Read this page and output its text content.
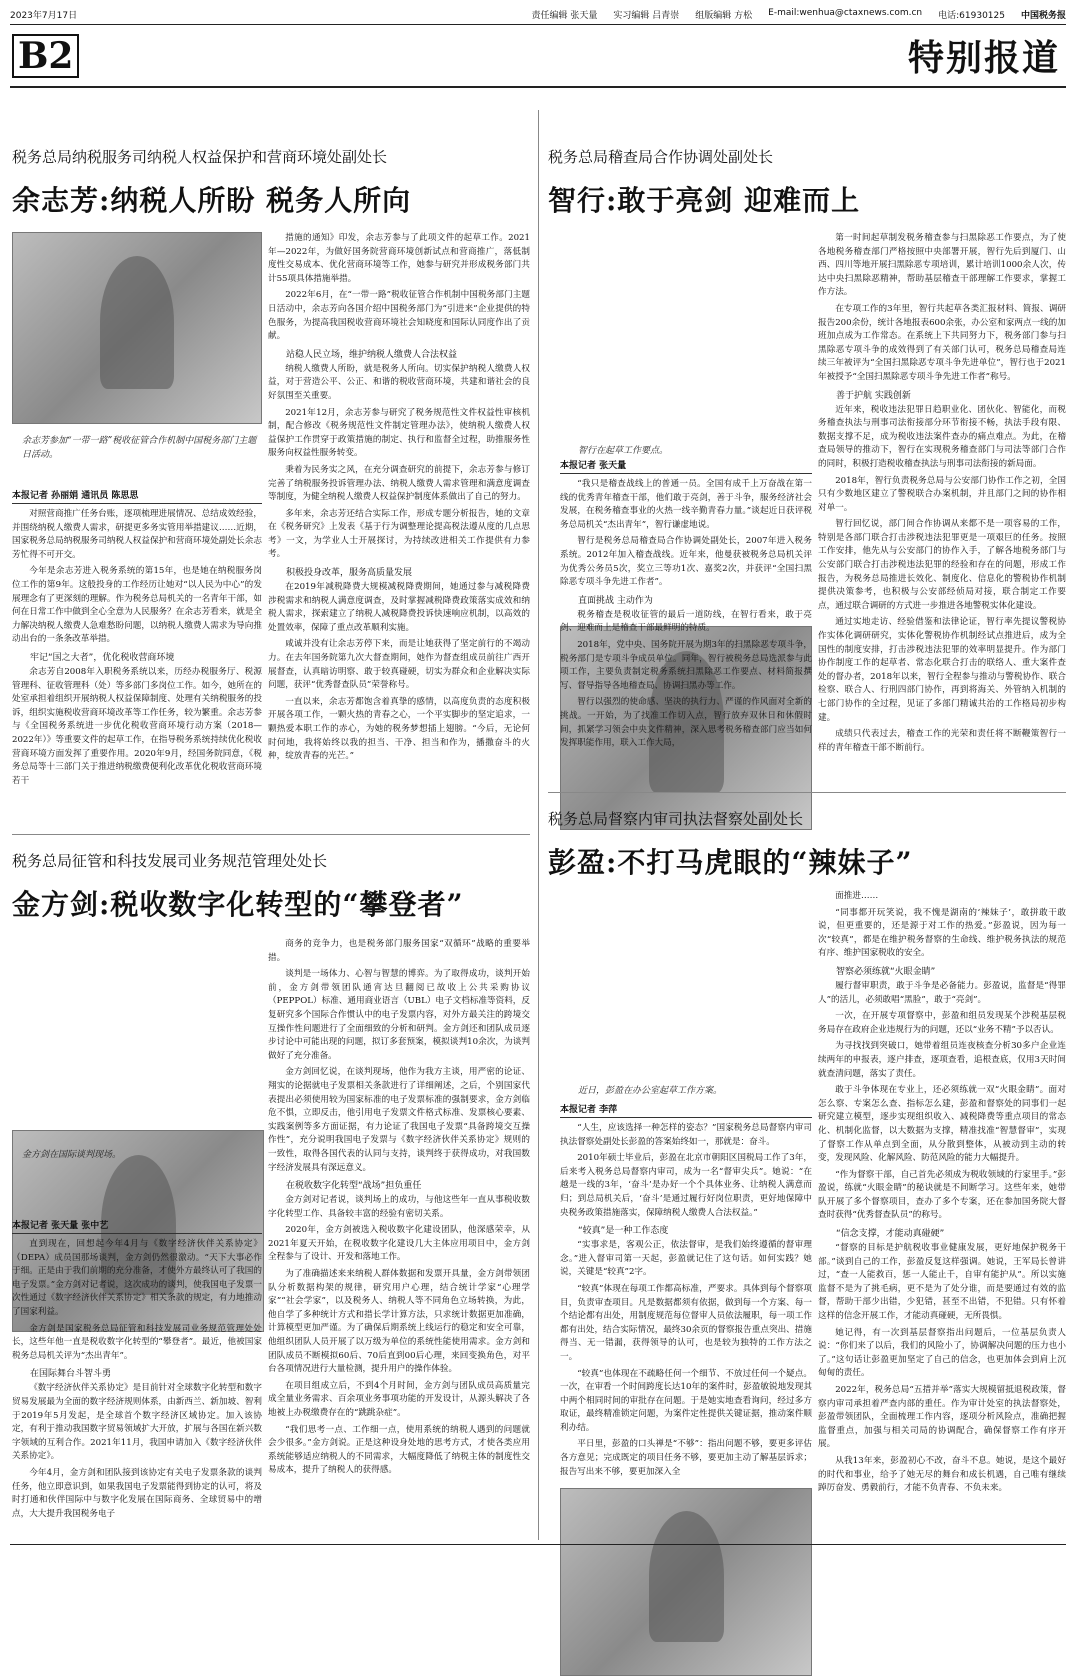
2023年7月17日	责任编辑 张天量 实习编辑 吕青崇 组版编辑 方松 E-mail:wenhua@ctaxnews.com.cn 电话:61930125 中国税务报
B2	特别报道
税务总局纳税服务司纳税人权益保护和营商环境处副处长
余志芳:纳税人所盼 税务人所向
余志芳参加“一带一路”税收征管合作机制中国税务部门主题日活动。
本报记者 孙丽娟 通讯员 陈思思

对照营商推广任务台账，逐项梳理进展情况、总结成效经验，并围绕纳税人缴费人需求，研提更多务实管用举措建议……近期，国家税务总局纳税服务司纳税人权益保护和营商环境处副处长余志芳忙得不可开交。

今年是余志芳进入税务系统的第15年，也是她在纳税服务岗位工作的第9年。这般投身的工作经历让她对“以人民为中心”的发展理念有了更深刻的理解。作为税务总局机关的一名青年干部，如何在日常工作中做到全心全意为人民服务？在余志芳看来，就是全力解决纳税人缴费人急难愁盼问题，以纳税人缴费人需求为导向推动出台的一条条改革举措。

牢记“国之大者”，优化税收营商环境

余志芳自2008年入职税务系统以来，历经办税服务厅、税源管理科、征收管理科（处）等多部门多岗位工作。如今，她所在的处室承担着组织开展纳税人权益保障制度、处理有关纳税服务的投诉，组织实施税收营商环境改革等工作任务，较为繁重。余志芳参与《全国税务系统进一步优化税收营商环境行动方案（2018—2022年）》等重要文件的起草工作，在指导税务系统持续优化税收营商环境方面发挥了重要作用。2020年9月，经国务院同意，《税务总局等十三部门关于推进纳税缴费便利化改革优化税收营商环境若干

措施的通知》印发，余志芳参与了此项文件的起草工作。2021年—2022年，为做好国务院营商环境创新试点和营商推广，落低制度性交易成本、优化营商环境等工作，她参与研究并形成税务部门共计55项具体措施举措。

2022年6月，在“一带一路”税收征管合作机制中国税务部门主题日活动中，余志芳向各国介绍中国税务部门为“引进来”企业提供的特色服务，为提高我国税收营商环境社会知晓度和国际认同度作出了贡献。

站稳人民立场，维护纳税人缴费人合法权益

纳税人缴费人所盼，就是税务人所向。切实保护纳税人缴费人权益，对于营造公平、公正、和谐的税收营商环境，共建和谐社会的良好氛围至关重要。

2021年12月，余志芳参与研究了税务规范性文件权益性审核机制，配合修改《税务规范性文件制定管理办法》，使纳税人缴费人权益保护工作贯穿于政策措施的制定、执行和监督全过程，助推服务性服务向权益性服务转变。

秉着为民务实之风，在充分调查研究的前提下，余志芳参与修订完善了纳税服务投诉管理办法、纳税人缴费人需求管理和满意度调查等制度，为健全纳税人缴费人权益保护制度体系做出了自己的努力。

多年来，余志芳还结合实际工作，形成专题分析报告，她的文章在《税务研究》上发表《基于行为调整理论提高税法遵从度的几点思考》一文，为学业人士开展探讨，为持续改进相关工作提供有力参考。

积极投身改革，服务高质量发展

在2019年减税降费大规模减税降费期间，她通过参与减税降费涉税需求和纳税人满意度调查，及时掌握减税降费政策落实成效和纳税人需求，探索建立了纳税人减税降费投诉快速响应机制，以高效的处置效率，保障了重点改革顺利实施。

咸诚并没有让余志芳停下来，而是让她获得了坚定前行的不竭动力。在去年国务院第九次大督查期间，她作为督查组成员前往广西开展督查，认真暗访明察、敢于较真碰硬，切实为群众和企业解决实际问题，获评“优秀督查队员”荣誉称号。

一直以来，余志芳都饱含着真挚的感情，以高度负责的态度积极开展各项工作，一颗火热的青春之心，一个平实脚步的坚定追求，一颗热爱本职工作的赤心，为她的税务梦想插上翅膀。“今后，无论何时何地，我将始终以我的担当、干净、担当和作为，播撒奋斗的火种，绽放青春的光芒。”

税务总局征管和科技发展司业务规范管理处处长
金方剑:税收数字化转型的“攀登者”
金方剑在国际谈判现场。
本报记者 张天量 张中艺

直到现在，回想起今年4月与《数字经济伙伴关系协定》（DEPA）成员国那场谈判，金方剑仍然很激动。“天下大事必作于细。正是由于我们前期的充分准备，才使外方最终认可了我国的电子发票。”金方剑对记者说，这次成功的谈判，使我国电子发票一次性通过《数字经济伙伴关系协定》相关条款的规定，有力地推动了国家利益。

金方剑是国家税务总局征管和科技发展司业务规范管理处处长，这些年他一直是税收数字化转型的“攀登者”。最近，他被国家税务总局机关评为“杰出青年”。

在国际舞台斗智斗勇

《数字经济伙伴关系协定》是目前针对全球数字化转型和数字贸易发展最为全面的数字经济规则体系，由新西兰、新加坡、智利于2019年5月发起，是全球首个数字经济区域协定。加入该协定，有利于推动我国数字贸易领域扩大开放，扩展与各国在新兴数字领域的互利合作。2021年11月，我国申请加入《数字经济伙伴关系协定》。

今年4月，金方剑和团队接到该协定有关电子发票条款的谈判任务，他立即意识到，如果我国电子发票能得到协定的认可，将及时打通和伙伴国际中与数字化发展在国际商务、全球贸易中的增点，大大提升我国税务电子

商务的竞争力，也是税务部门服务国家“双循环”战略的重要举措。

谈判是一场体力、心智与智慧的博弈。为了取得成功，谈判开始前，金方剑带领团队通宵达旦翻阅已故收上公共采购协议（PEPPOL）标准、通用商业语言（UBL）电子文档标准等资料，反复研究多个国际合作惯认中的电子发票内容，对外方最关注的跨境交互操作性问题进行了全面细致的分析和研判。金方剑还和团队成员逐步讨论中可能出现的问题，拟订多套预案，模拟谈判10余次，为谈判做好了充分准备。

金方剑回忆说，在谈判现场，他作为我方主谈，用严密的论证、翔实的论据就电子发票相关条款进行了详细阐述，之后，个别国家代表提出必须使用较为国家标准的电子发票标准的强制要求，金方剑临危不惧，立即反击，他引用电子发票文件格式标准、发票核心要素、实践案例等多方面证据，有力论证了我国电子发票“具备跨境交互操作性”，充分说明我国电子发票与《数字经济伙伴关系协定》规则的一致性，取得各国代表的认同与支持，谈判终于获得成功，对我国数字经济发展具有深远意义。

在税收数字化转型“战场”担负重任

金方剑对记者说，谈判场上的成功，与他这些年一直从事税收数字化转型工作、具备较丰富的经验有密切关系。

2020年，金方剑被选入税收数字化建设团队，他深感荣幸，从2021年夏天开始，在税收数字化建设几大主体应用项目中，金方剑全程参与了设计、开发和落地工作。

为了准确描述来来纳税人群体数据和发票开具量，金方剑带领团队分析数据构架的规律，研究用户心理，结合统计学家“心理学家”“社会学家”，以及税务人、纳税人等不同角色立场转换，为此，他自学了多种统计方式和措长学计算方法，只求统计数据更加准确，计算模型更加严谨。为了确保后期系统上线运行的稳定和安全可靠，他组织团队人员开展了以万级为单位的系统性能使用需求。金方剑和团队成员不断模拟60后、70后直到00后心理，来回变换角色，对平台各项情况进行大量检测，提升用户的操作体验。

在项目组成立后，不到4个月时间，金方剑与团队成员高质量完成全量业务需求、百余项业务事项功能的开发设计，从源头解决了各地被上办税缴费存在的“跳跳杂症”。

“我们思考一点、工作细一点，使用系统的纳税人遇到的问题就会少很多。”金方剑说。正是这种设身处地的思考方式，才使各类应用系统能够适应纳税人的不同需求，大幅度降低了纳税主体的制度性交易成本，提升了纳税人的获得感。

税务总局稽查局合作协调处副处长
智行:敢于亮剑 迎难而上
智行在起草工作要点。
本报记者 张天量

“我只是稽查战线上的普通一员。全国有成千上万奋战在第一线的优秀青年稽查干部，他们敢于亮剑，善于斗争，服务经济社会发展，在税务稽查事业的火热一线辛勤青春力量。”谈起近日获评税务总局机关“杰出青年”，智行谦虚地说。

智行是税务总局稽查局合作协调处副处长，2007年进入税务系统。2012年加入稽查战线。近年来，他曼获被税务总局机关评为优秀公务员5次，奖立三等功1次、嘉奖2次，并获评“全国扫黑除恶专项斗争先进工作者”。

直面挑战 主动作为

税务稽查是税收征管的最后一道防线，在智行看来，敢于亮剑、迎难而上是稽查干部最鲜明的特质。

2018年，党中央、国务院开展为期3年的扫黑除恶专项斗争，税务部门是专项斗争成员单位。同年，智行被税务总局选派参与此项工作，主要负责制定税务系统扫黑除恶工作要点、材料简报撰写、督导指导各地稽查局、协调扫黑办等工作。

智行以强烈的使命感、坚决的执行力、严谨的作风面对全新的挑战。一开始，为了找准工作切入点，智行放弃双休日和休假时间，抓紧学习领会中央文件精神，深入思考税务稽查部门应当如何发挥职能作用，联入工作大局，

第一时间起草制发税务稽查参与扫黑除恶工作要点，为了使各地税务稽查部门严格按照中央部署开展，智行先后到厦门、山西、四川等地开展扫黑除恶专项培训，累计培训1000余人次，传达中央扫黑除恶精神，帮助基层稽查干部理解工作要求，掌握工作方法。

在专项工作的3年里，智行共起草各类汇报材料、简报、调研报告200余份，统计各地报表600余张，办公室和家两点一线的加班加点成为工作常态。在系统上下共同努力下，税务部门参与扫黑除恶专项斗争的成效得到了有关部门认可，税务总局稽查局连续三年被评为“全国扫黑除恶专项斗争先进单位”，智行也于2021年被授予“全国扫黑除恶专项斗争先进工作者”称号。

善于护航 实践创新

近年来，税收违法犯罪日趋职业化、团伙化、智能化，而税务稽查执法与刑事司法衔接部分环节衔接不畅，执法手段有限、数据支撑不足，成为税收违法案件查办的痛点难点。为此，在稽查局领导的推动下，智行在实现税务稽查部门与司法等部门合作的同时，积极打造税收稽查执法与刑事司法衔接的新局面。

2018年，智行负责税务总局与公安部门协作工作之初，全国只有少数地区建立了警税联合办案机制，并且部门之间的协作相对单一。

智行回忆说，部门间合作协调从来都不是一项容易的工作，特别是各部门联合打击涉税违法犯罪更是一项艰巨的任务。按照工作安排，他先从与公安部门的协作入手，了解各地税务部门与公安部门联合打击涉税违法犯罪的经验和存在的问题，形成工作报告，为税务总局推进长效化、制度化、信息化的警税协作机制提供决策参考，也积极与公安部经侦局对接，联合制定工作要点，通过联合调研的方式进一步推进各地警税实体化建设。

通过实地走访、经验借鉴和法律论证，智行率先提议警税协作实体化调研研究，实体化警税协作机制经试点推进后，成为全国性的制度安排，打击涉税违法犯罪的效率明显提升。作为部门协作制度工作的起草者、常态化联合打击的联络人、重大案件查处的督办者，2018年以来，智行全程参与推动与警税协作、联合检察、联合人、行刑四部门协作，再到将海关、外管纳入机制的七部门协作的全过程，见证了多部门精诚共治的工作格局初步构建。

成绩只代表过去，稽查工作的光荣和责任将不断鞭策智行一样的青年稽查干部不断前行。

税务总局督察内审司执法督察处副处长
彭盈:不打马虎眼的“辣妹子”
近日，彭盈在办公室起草工作方案。
本报记者 李萍

“人生，应该选择一种怎样的姿态？”国家税务总局督察内审司执法督察处副处长彭盈的答案始终如一，那就是：奋斗。

2010年硕士毕业后，彭盈在北京市朝阳区国税局工作了3年，后来考入税务总局督察内审司，成为一名“督审尖兵”。她说：“在越是一线的3年，‘奋斗’是办好一个个具体业务、让纳税人满意而归；到总局机关后，‘奋斗’是通过履行好岗位职责，更好地保障中央税务政策措施落实，保障纳税人缴费人合法权益。”

“较真”是一种工作态度

“实事求是，客观公正，依法督审，是我们始终遵循的督审理念。”进入督审司第一天起，彭盈就记住了这句话。如何实践？她说，关键是“较真”2字。

“较真”体现在每项工作都高标准，严要求。具体到每个督察项目，负责审查项目。凡是数据都须有依据，做到每一个方案、每一个结论都有出处，用制度规范每位督审人员依法履职，每一项工作都有出处，结合实际情况，最终30余页的督察报告重点突出、措施得当、无一错漏，获得领导的认可，也是较为独特的工作方法之一。

“较真”也体现在不疏略任何一个细节、不放过任何一个疑点。一次，在审看一个时间跨度长达10年的案件时，彭盈敏锐地发现其中两个相同时间的审批存在问题。于是她实地查看询问，经过多方取证，最终精准锁定问题，为案件定性提供关键证据，推动案件顺利办结。

平日里，彭盈的口头禅是“不够”：指出问题不够，要更多评估各方意见；完成既定的项目任务不够，要更加主动了解基层诉求；报告写出来不够，要更加深入全

面推进……

“同事都开玩笑说，我不愧是湖南的‘辣妹子’，敢拼敢干敢说，但更重要的，还是源于对工作的热爱。”彭盈说，因为每一次“较真”，都是在维护税务督察的生命线、维护税务执法的规范有序、维护国家税收的安全。

智察必须练就“火眼金睛”

履行督审职责，敢于斗争是必备能力。彭盈说，监督是“得罪人”的活儿，必须敢唱“黑脸”，敢于“亮剑”。

一次，在开展专项督察中，彭盈和组员发现某个涉税基层税务局存在政府企业违规行为的问题，还以“业务不精”予以否认。

为寻找找到突破口，她带着组员连夜核查分析30多户企业连续两年的申报表，逐户排查，逐项查看，追根查底，仅用3天时间就查清问题，落实了责任。

敢于斗争体现在专业上，还必须练就一双“火眼金睛”。面对怎么察、专案怎么查、指标怎么建，彭盈和督察处的同事们一起研究建立模型，逐步实现组织收入、减税降费等重点项目的常态化、机制化监督，以大数据为支撑，精准找准“智慧督审”，实现了督察工作从单点到全面，从分散到整体，从被动到主动的转变，发现风险、化解风险、防范风险的能力大幅提升。

“作为督察干部，自己首先必须成为税收领域的行家里手。”彭盈说，练就“火眼金睛”的秘诀就是不间断学习。这些年来，她带队开展了多个督察项目，查办了多个专案，还在参加国务院大督查时获得“优秀督查队员”的称号。

“信念支撑，才能动真碰硬”

“督察的目标是护航税收事业健康发展，更好地保护税务干部。”谈到自己的工作，彭盈反复这样强调。她说，王军局长曾讲过，“查一人能救百，惩一人能止千，自审有能护从”。所以实施监督不是为了挑毛病，更不是为了处分谁，而是要通过有效的监督，帮助干部少出错，少犯错，甚至不出错，不犯错。只有怀着这样的信念开展工作，才能动真碰硬，无所畏惧。

她记得，有一次到基层督察指出问题后，一位基层负责人说：“你们来了以后，我们的风险小了，协调解决问题的压力也小了。”这句话让彭盈更加坚定了自己的信念，也更加体会到肩上沉甸甸的责任。

2022年，税务总局“五措并举”落实大规模留抵退税政策，督察内审司承担着严查内部的重任。作为审计处室的执法督察处，彭盈带领团队，全面梳理工作内容，逐项分析风险点，准确把握监督重点，加强与相关司局的协调配合，确保督察工作有序开展。

从我13年来，彭盈初心不改，奋斗不息。她说，是这个最好的时代和事业，给予了她无尽的舞台和成长机遇，自己唯有继续踔厉奋发、勇毅前行，才能不负青春、不负未来。
